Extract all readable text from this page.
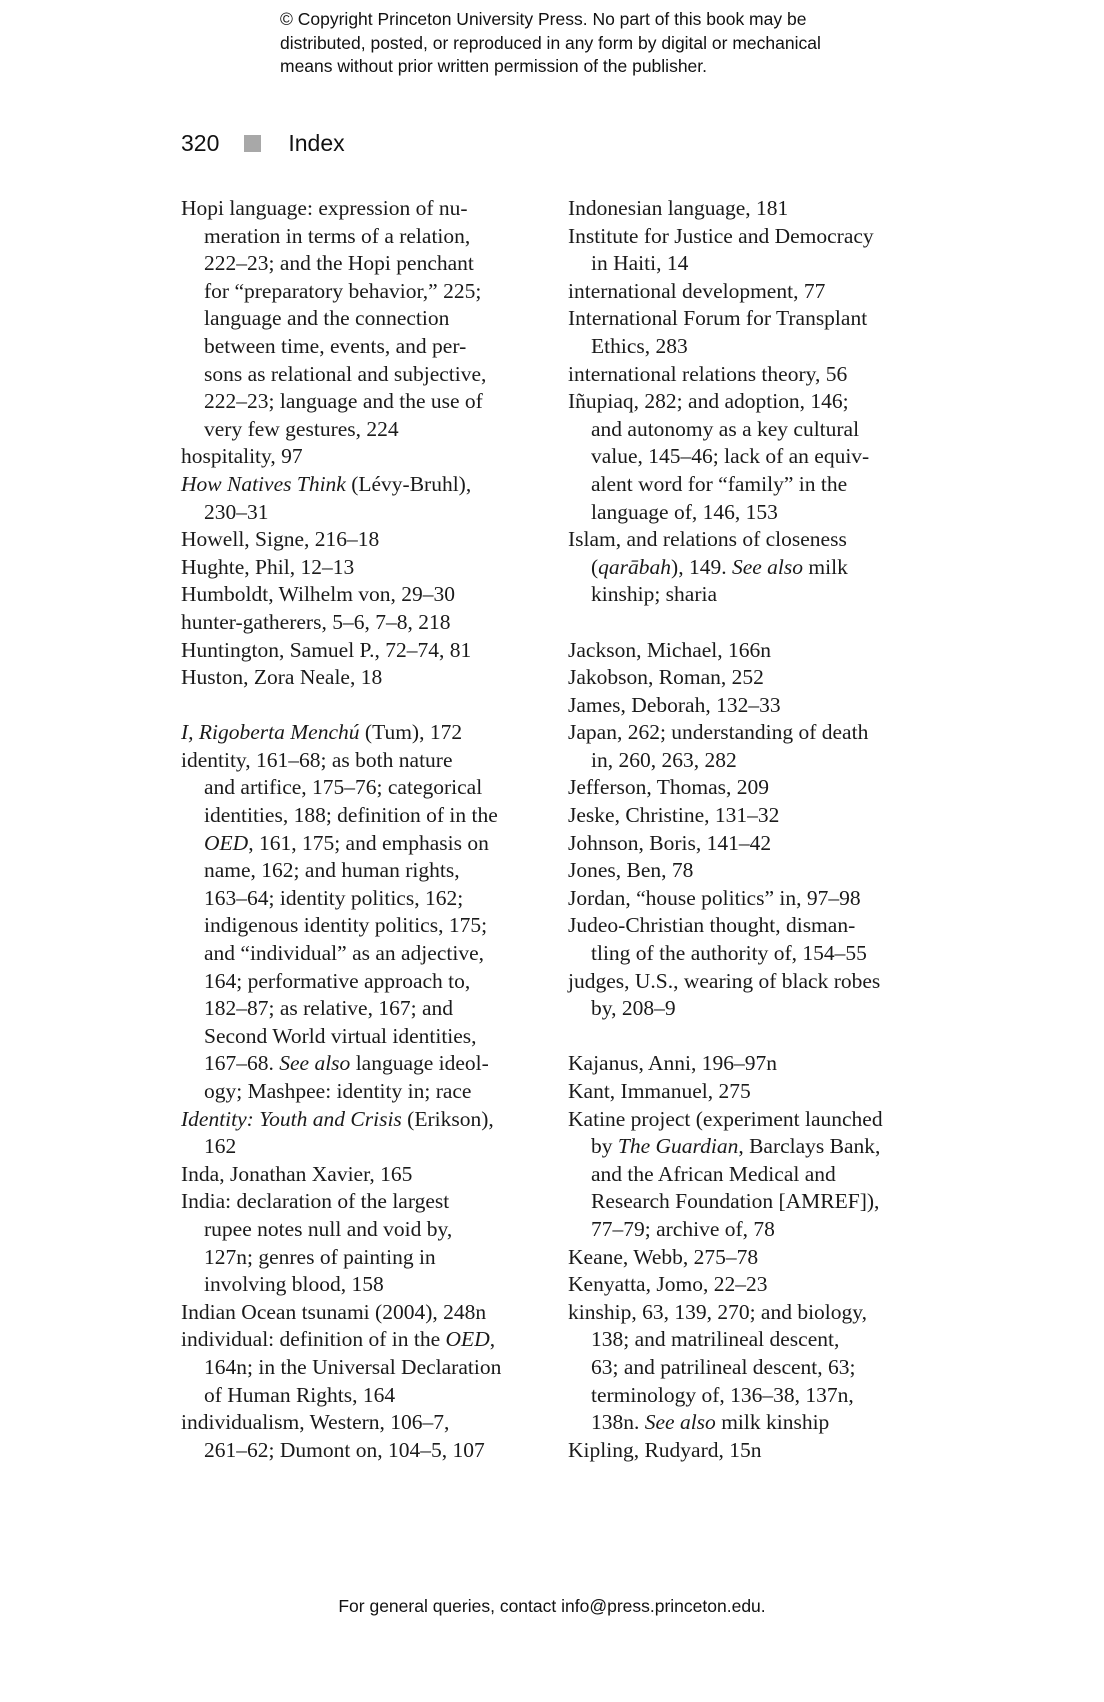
© Copyright Princeton University Press. No part of this book may be
distributed, posted, or reproduced in any form by digital or mechanical
means without prior written permission of the publisher.
320	Index
Hopi language: expression of nu-
meration in terms of a relation,
222–23; and the Hopi penchant
for “preparatory behavior,” 225;
language and the connection
between time, events, and per-
sons as relational and subjective,
222–23; language and the use of
very few gestures, 224
hospitality, 97
How Natives Think (Lévy-Bruhl),
230–31
Howell, Signe, 216–18
Hughte, Phil, 12–13
Humboldt, Wilhelm von, 29–30
hunter-gatherers, 5–6, 7–8, 218
Huntington, Samuel P., 72–74, 81
Huston, Zora Neale, 18
I, Rigoberta Menchú (Tum), 172
identity, 161–68; as both nature
and artifice, 175–76; categorical
identities, 188; definition of in the
OED, 161, 175; and emphasis on
name, 162; and human rights,
163–64; identity politics, 162;
indigenous identity politics, 175;
and “individual” as an adjective,
164; performative approach to,
182–87; as relative, 167; and
Second World virtual identities,
167–68. See also language ideol-
ogy; Mashpee: identity in; race
Identity: Youth and Crisis (Erikson),
162
Inda, Jonathan Xavier, 165
India: declaration of the largest
rupee notes null and void by,
127n; genres of painting in
involving blood, 158
Indian Ocean tsunami (2004), 248n
individual: definition of in the OED,
164n; in the Universal Declaration
of Human Rights, 164
individualism, Western, 106–7,
261–62; Dumont on, 104–5, 107
Indonesian language, 181
Institute for Justice and Democracy
in Haiti, 14
international development, 77
International Forum for Transplant
Ethics, 283
international relations theory, 56
Iñupiaq, 282; and adoption, 146;
and autonomy as a key cultural
value, 145–46; lack of an equiv-
alent word for “family” in the
language of, 146, 153
Islam, and relations of closeness
(qarābah), 149. See also milk
kinship; sharia
Jackson, Michael, 166n
Jakobson, Roman, 252
James, Deborah, 132–33
Japan, 262; understanding of death
in, 260, 263, 282
Jefferson, Thomas, 209
Jeske, Christine, 131–32
Johnson, Boris, 141–42
Jones, Ben, 78
Jordan, “house politics” in, 97–98
Judeo-Christian thought, disman-
tling of the authority of, 154–55
judges, U.S., wearing of black robes
by, 208–9
Kajanus, Anni, 196–97n
Kant, Immanuel, 275
Katine project (experiment launched
by The Guardian, Barclays Bank,
and the African Medical and
Research Foundation [AMREF]),
77–79; archive of, 78
Keane, Webb, 275–78
Kenyatta, Jomo, 22–23
kinship, 63, 139, 270; and biology,
138; and matrilineal descent,
63; and patrilineal descent, 63;
terminology of, 136–38, 137n,
138n. See also milk kinship
Kipling, Rudyard, 15n
For general queries, contact info@press.princeton.edu.
